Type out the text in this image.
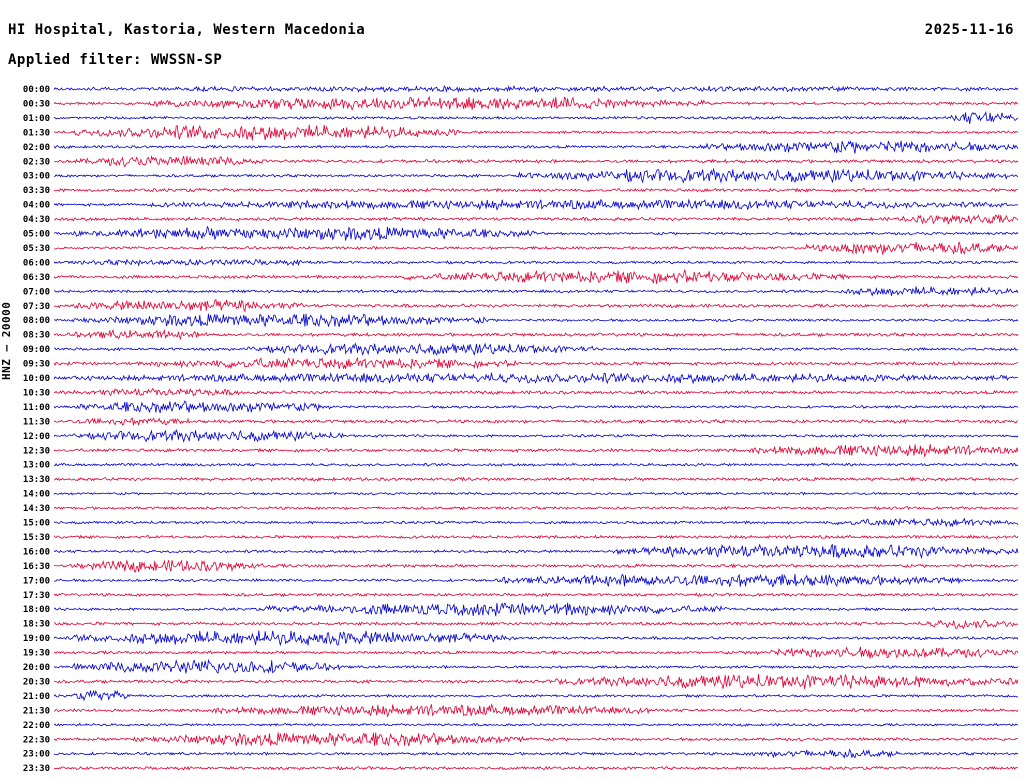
HI Hospital, Kastoria, Western Macedonia	2025-11-16
Applied filter: WWSSN-SP
HNZ — 20000
00:00
00:30
01:00
01:30
02:00
02:30
03:00
03:30
04:00
04:30
05:00
05:30
06:00
06:30
07:00
07:30
08:00
08:30
09:00
09:30
10:00
10:30
11:00
11:30
12:00
12:30
13:00
13:30
14:00
14:30
15:00
15:30
16:00
16:30
17:00
17:30
18:00
18:30
19:00
19:30
20:00
20:30
21:00
21:30
22:00
22:30
23:00
23:30
